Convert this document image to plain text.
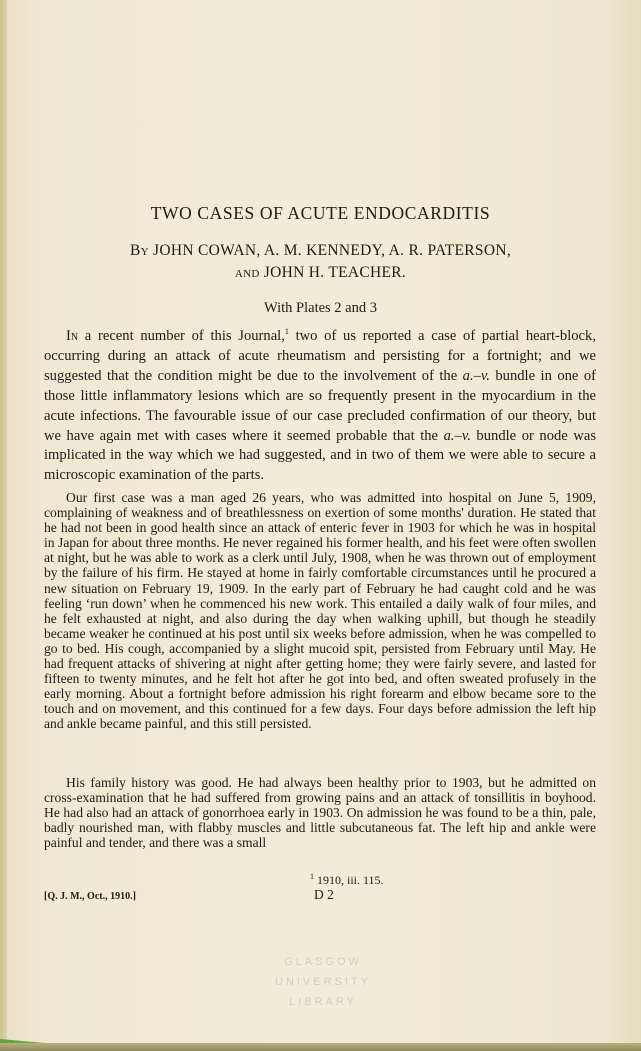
TWO CASES OF ACUTE ENDOCARDITIS
By JOHN COWAN, A. M. KENNEDY, A. R. PATERSON,
and JOHN H. TEACHER.
With Plates 2 and 3

In a recent number of this Journal,$^1$ two of us reported a case of partial heart-block, occurring during an attack of acute rheumatism and persisting for a fortnight; and we suggested that the condition might be due to the involvement of the a.–v. bundle in one of those little inflammatory lesions which are so frequently present in the myocardium in the acute infections. The favourable issue of our case precluded confirmation of our theory, but we have again met with cases where it seemed probable that the a.–v. bundle or node was implicated in the way which we had suggested, and in two of them we were able to secure a microscopic examination of the parts.

Our first case was a man aged 26 years, who was admitted into hospital on June 5, 1909, complaining of weakness and of breathlessness on exertion of some months' duration. He stated that he had not been in good health since an attack of enteric fever in 1903 for which he was in hospital in Japan for about three months. He never regained his former health, and his feet were often swollen at night, but he was able to work as a clerk until July, 1908, when he was thrown out of employment by the failure of his firm. He stayed at home in fairly comfortable circumstances until he procured a new situation on February 19, 1909. In the early part of February he had caught cold and he was feeling ‘run down’ when he commenced his new work. This entailed a daily walk of four miles, and he felt exhausted at night, and also during the day when walking uphill, but though he steadily became weaker he continued at his post until six weeks before admission, when he was compelled to go to bed. His cough, accompanied by a slight mucoid spit, persisted from February until May. He had frequent attacks of shivering at night after getting home; they were fairly severe, and lasted for fifteen to twenty minutes, and he felt hot after he got into bed, and often sweated profusely in the early morning. About a fortnight before admission his right forearm and elbow became sore to the touch and on movement, and this continued for a few days. Four days before admission the left hip and ankle became painful, and this still persisted.

His family history was good. He had always been healthy prior to 1903, but he admitted on cross-examination that he had suffered from growing pains and an attack of tonsillitis in boyhood. He had also had an attack of gonorrhoea early in 1903. On admission he was found to be a thin, pale, badly nourished man, with flabby muscles and little subcutaneous fat. The left hip and ankle were painful and tender, and there was a small

$^1$ 1910, iii. 115.
[Q. J. M., Oct., 1910.]	D 2
GLASGOW
UNIVERSITY
LIBRARY
